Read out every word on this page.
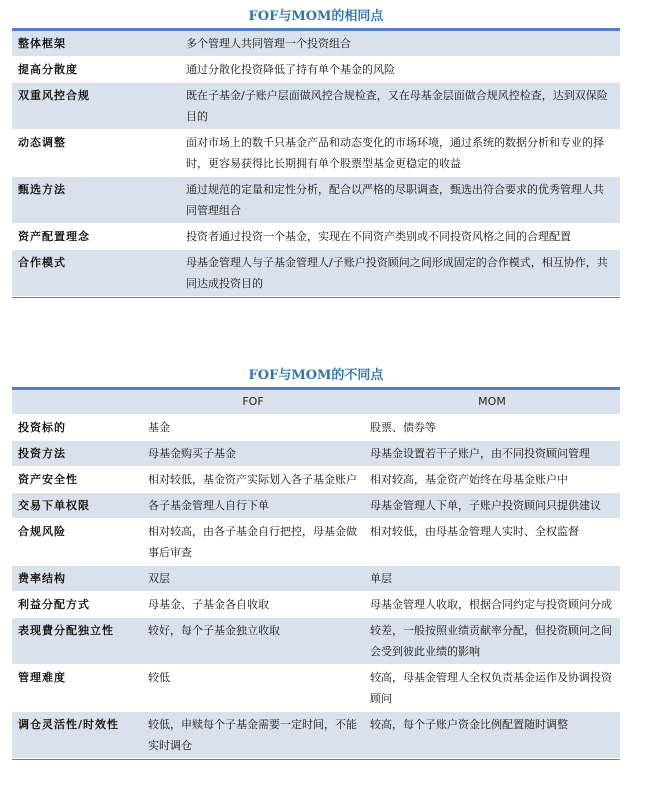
FOF与MOM的相同点
整体框架	多个管理人共同管理一个投资组合
提高分散度	通过分散化投资降低了持有单个基金的风险
双重风控合规	既在子基金/子账户层面做风控合规检查，又在母基金层面做合规风控检查，达到双保险目的
动态调整	面对市场上的数千只基金产品和动态变化的市场环境，通过系统的数据分析和专业的择时，更容易获得比长期拥有单个股票型基金更稳定的收益
甄选方法	通过规范的定量和定性分析，配合以严格的尽职调查，甄选出符合要求的优秀管理人共同管理组合
资产配置理念	投资者通过投资一个基金，实现在不同资产类别或不同投资风格之间的合理配置
合作模式	母基金管理人与子基金管理人/子账户投资顾问之间形成固定的合作模式，相互协作，共同达成投资目的
FOF与MOM的不同点
	FOF	MOM
投资标的	基金	股票、债券等
投资方法	母基金购买子基金	母基金设置若干子账户，由不同投资顾问管理
资产安全性	相对较低，基金资产实际划入各子基金账户	相对较高，基金资产始终在母基金账户中
交易下单权限	各子基金管理人自行下单	母基金管理人下单，子账户投资顾问只提供建议
合规风险	相对较高，由各子基金自行把控，母基金做事后审查	相对较低，由母基金管理人实时、全权监督
费率结构	双层	单层
利益分配方式	母基金、子基金各自收取	母基金管理人收取，根据合同约定与投资顾问分成
表现費分配独立性	较好，每个子基金独立收取	较差，一般按照业绩贡献率分配，但投资顾问之间会受到彼此业绩的影响
管理难度	较低	较高，母基金管理人全权负责基金运作及协调投资顾问
调仓灵活性/时效性	较低，申赎每个子基金需要一定时间，不能实时调仓	较高，每个子账户资金比例配置随时调整
